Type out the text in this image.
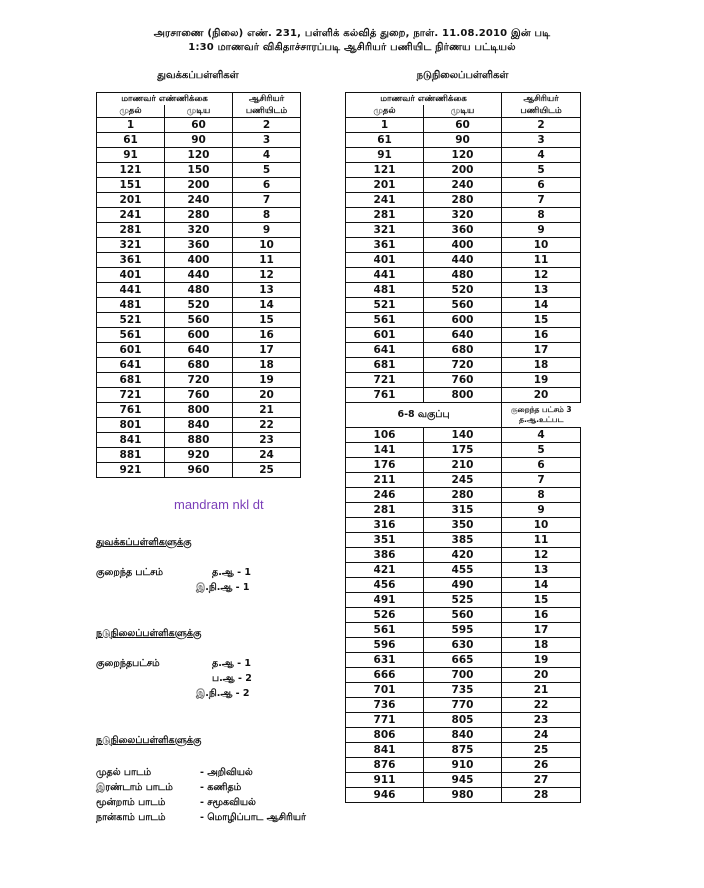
அரசாணை (நிலை) எண். 231, பள்ளிக் கல்வித் துறை, நாள். 11.08.2010 இன் படி
1:30 மாணவர் விகிதாச்சாரப்படி ஆசிரியர் பணியிட நிர்ணய பட்டியல்
துவக்கப்பள்ளிகள்	நடுநிலைப்பள்ளிகள்
மாணவர் எண்ணிக்கை		ஆசிரியர்
முதல்	முடிய	பணியிடம்
1	60	2
61	90	3
91	120	4
121	150	5
151	200	6
201	240	7
241	280	8
281	320	9
321	360	10
361	400	11
401	440	12
441	480	13
481	520	14
521	560	15
561	600	16
601	640	17
641	680	18
681	720	19
721	760	20
761	800	21
801	840	22
841	880	23
881	920	24
921	960	25
மாணவர் எண்ணிக்கை		ஆசிரியர்
முதல்	முடிய	பணியிடம்
1	60	2
61	90	3
91	120	4
121	200	5
201	240	6
241	280	7
281	320	8
321	360	9
361	400	10
401	440	11
441	480	12
481	520	13
521	560	14
561	600	15
601	640	16
641	680	17
681	720	18
721	760	19
761	800	20
6-8 வகுப்பு		குறைந்த பட்சம் 3
த.ஆ.உட்பட
106	140	4
141	175	5
176	210	6
211	245	7
246	280	8
281	315	9
316	350	10
351	385	11
386	420	12
421	455	13
456	490	14
491	525	15
526	560	16
561	595	17
596	630	18
631	665	19
666	700	20
701	735	21
736	770	22
771	805	23
806	840	24
841	875	25
876	910	26
911	945	27
946	980	28
mandram nkl dt
துவக்கப்பள்ளிகளுக்கு
குறைந்த பட்சம்	த.ஆ - 1
இ.நி.ஆ - 1
நடுநிலைப்பள்ளிகளுக்கு
குறைந்தபட்சம்	த.ஆ - 1
ப.ஆ - 2
இ.நி.ஆ - 2
நடுநிலைப்பள்ளிகளுக்கு
முதல் பாடம்	- அறிவியல்
இரண்டாம் பாடம்	- கணிதம்
மூன்றாம் பாடம்	- சமூகவியல்
நான்காம் பாடம்	- மொழிப்பாட ஆசிரியர்
